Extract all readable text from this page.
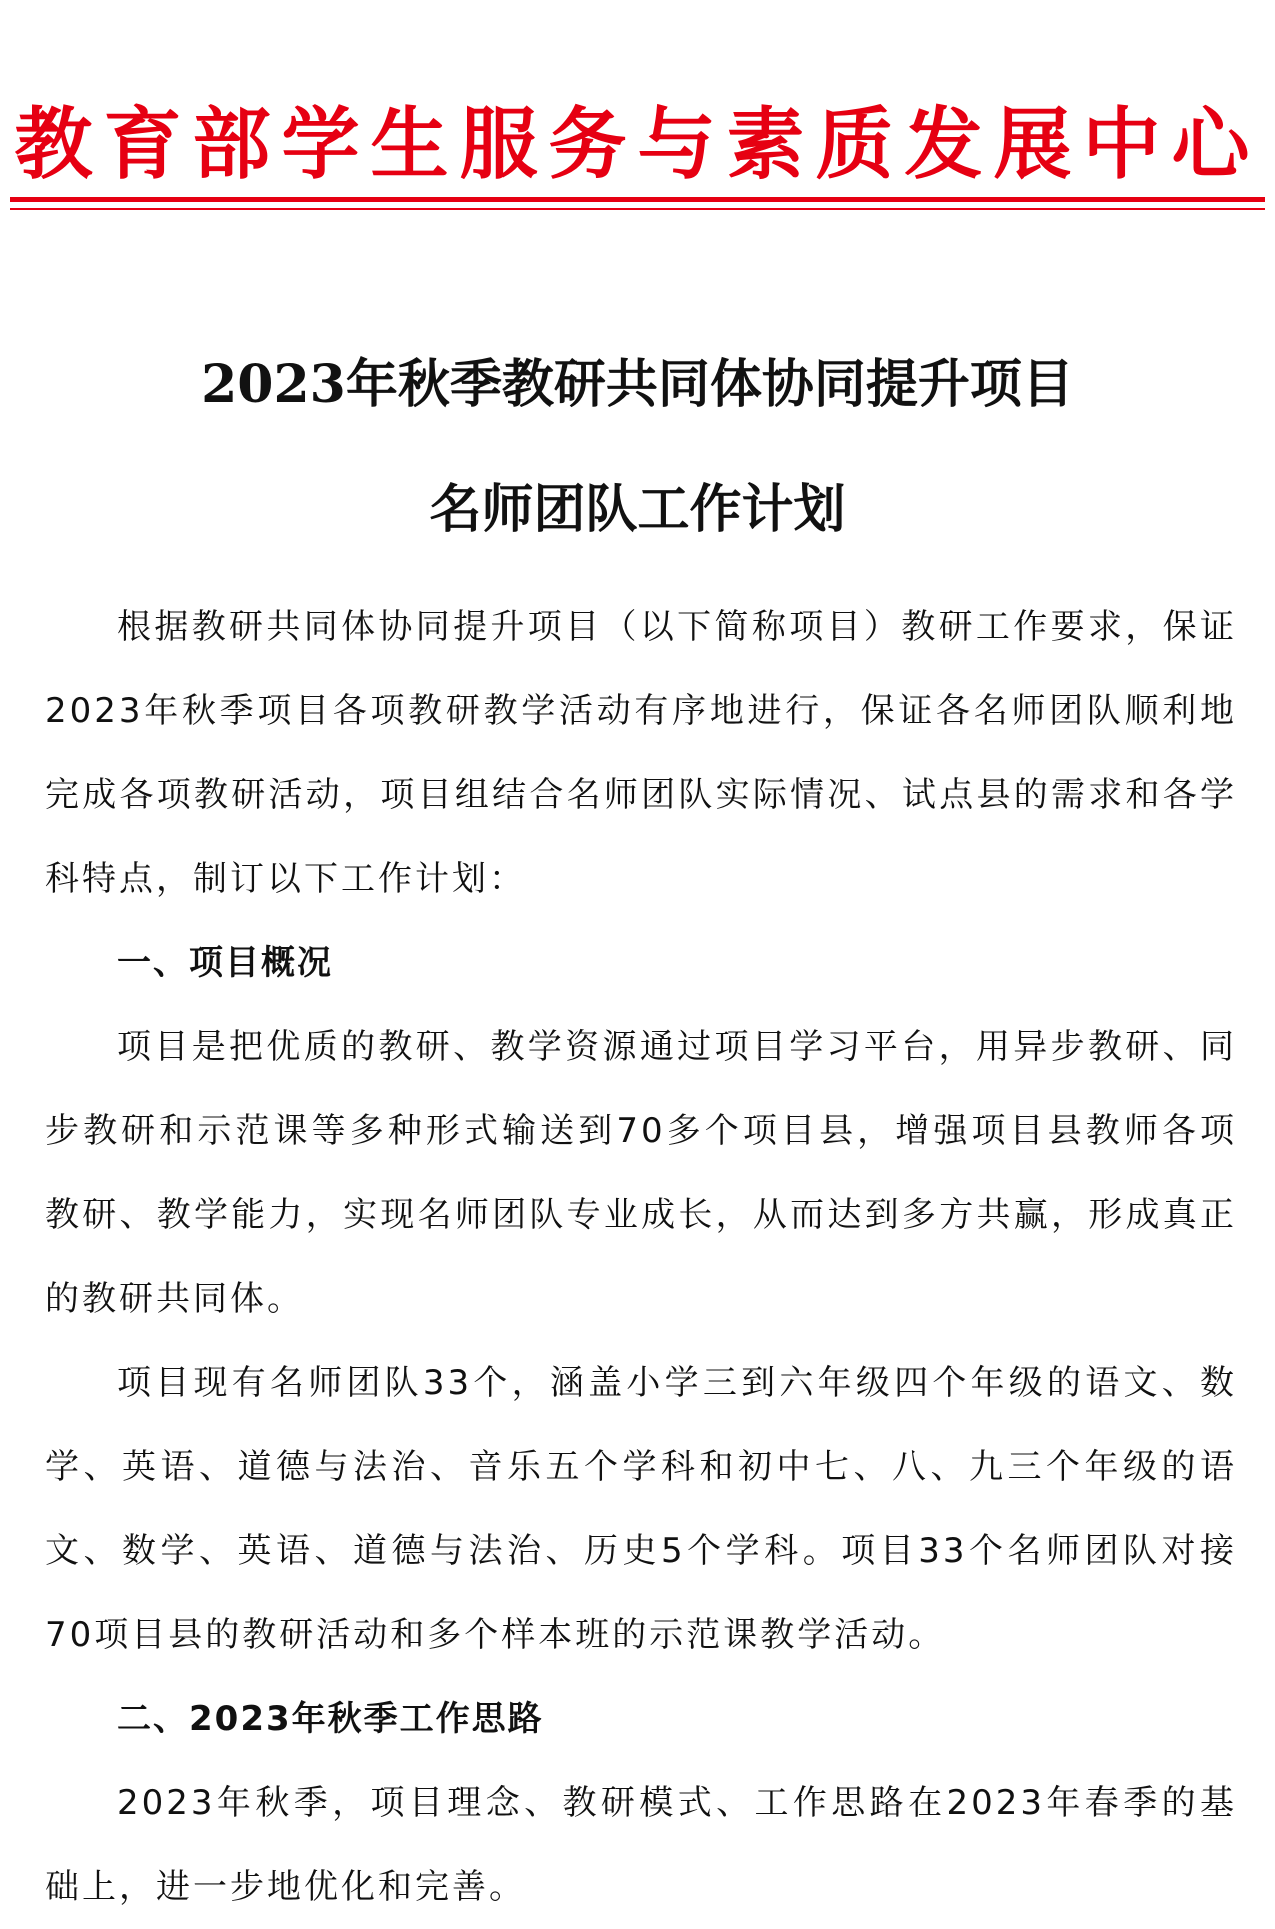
教育部学生服务与素质发展中心
2023年秋季教研共同体协同提升项目
名师团队工作计划

根据教研共同体协同提升项目（以下简称项目）教研工作要求，保证2023年秋季项目各项教研教学活动有序地进行，保证各名师团队顺利地完成各项教研活动，项目组结合名师团队实际情况、试点县的需求和各学科特点，制订以下工作计划：

一、项目概况

项目是把优质的教研、教学资源通过项目学习平台，用异步教研、同步教研和示范课等多种形式输送到70多个项目县，增强项目县教师各项教研、教学能力，实现名师团队专业成长，从而达到多方共赢，形成真正的教研共同体。

项目现有名师团队33个，涵盖小学三到六年级四个年级的语文、数学、英语、道德与法治、音乐五个学科和初中七、八、九三个年级的语文、数学、英语、道德与法治、历史5个学科。项目33个名师团队对接70项目县的教研活动和多个样本班的示范课教学活动。

二、2023年秋季工作思路

2023年秋季，项目理念、教研模式、工作思路在2023年春季的基础上，进一步地优化和完善。
